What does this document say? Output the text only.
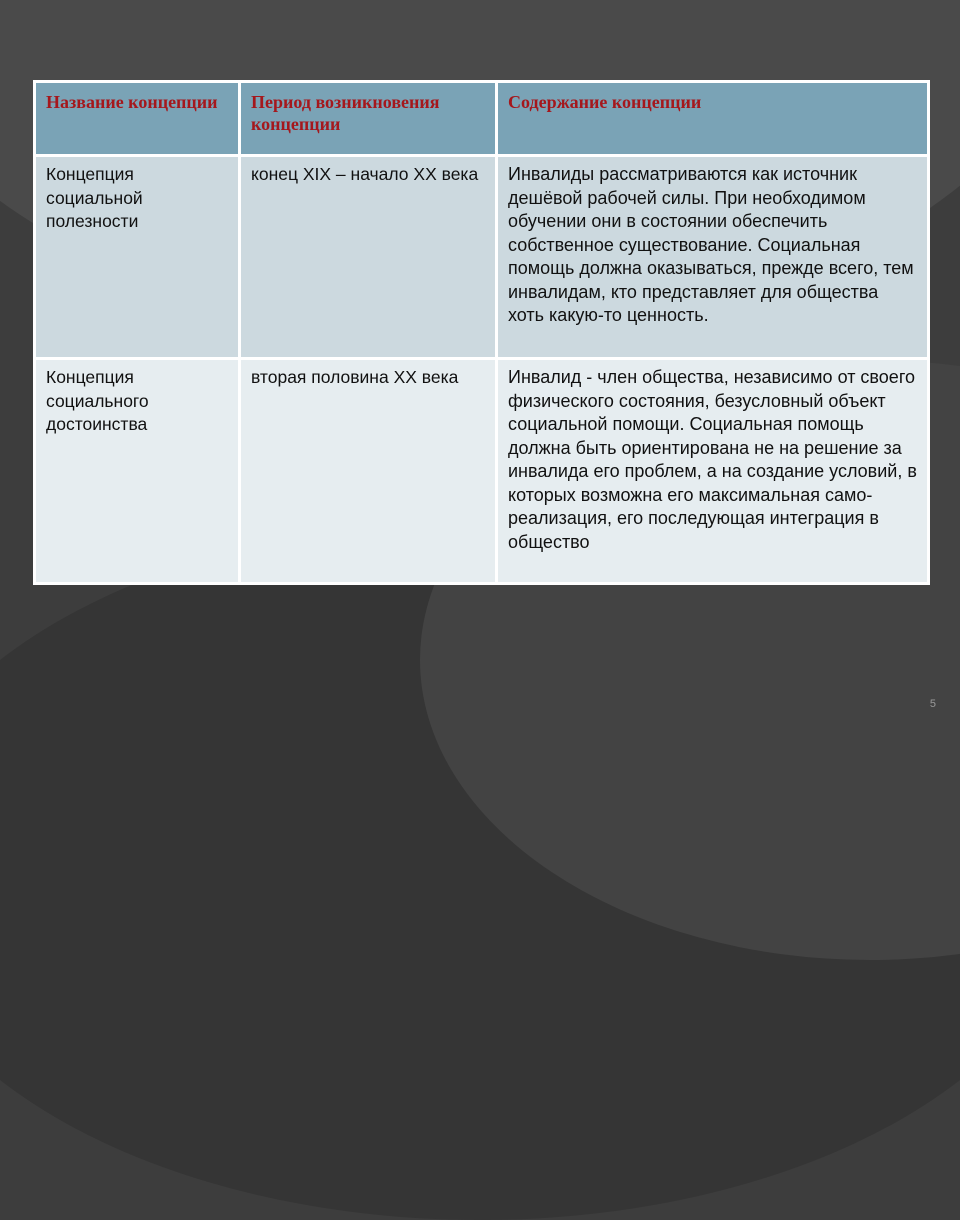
Название концепции	Период возникновения концепции	Содержание концепции
Концепция социальной полезности	конец XIX – начало XX века	Инвалиды рассматриваются как источник дешёвой рабочей силы. При необходимом обучении они в состоянии обеспечить собственное существование. Социальная помощь должна оказываться, прежде всего, тем инвалидам, кто представляет для общества хоть какую-то ценность.
Концепция социального достоинства	вторая половина XX века	Инвалид - член общества, независимо от своего физического состояния, безусловный объект социальной помощи. Социальная помощь должна быть ориентирована не на решение за инвалида его проблем, а на создание условий, в которых возможна его максимальная само- реализация, его последующая интеграция в общество
5
